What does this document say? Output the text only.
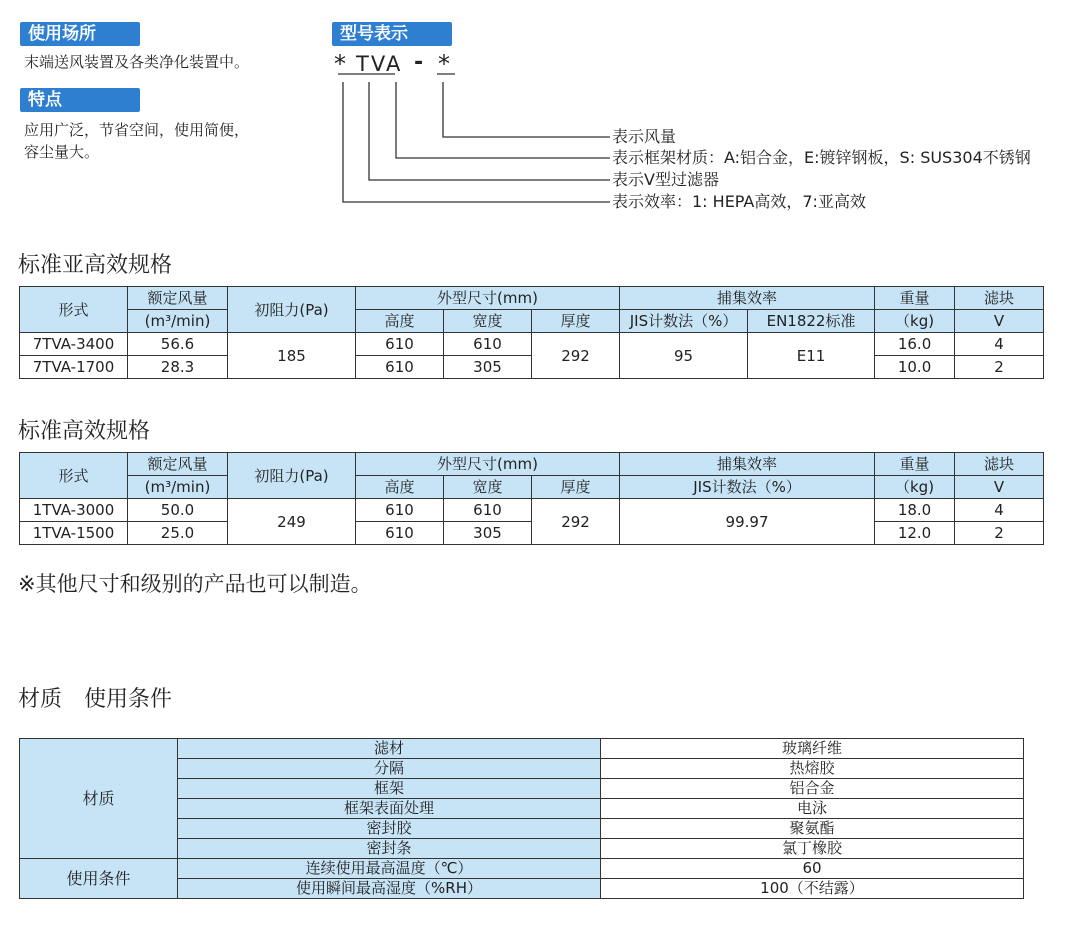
使用场所
末端送风装置及各类净化装置中。
特点
应用广泛，节省空间，使用简便，
容尘量大。
型号表示
* TV
A - *
表示风量
表示框架材质：A:铝合金，E:镀锌钢板，S: SUS304不锈钢
表示V型过滤器
表示效率：1: HEPA高效，7:亚高效
标准亚高效规格
形式	额定风量	初阻力(Pa)	外型尺寸(mm)			捕集效率		重量	滤块
	(m³/min)		高度	宽度	厚度	JIS计数法（%）	EN1822标准	（kg)	V
7TVA-3400	56.6	185	610	610	292	95	E11	16.0	4
7TVA-1700	28.3		610	305				10.0	2
标准高效规格
形式	额定风量	初阻力(Pa)	外型尺寸(mm)			捕集效率	重量	滤块
	(m³/min)		高度	宽度	厚度	JIS计数法（%）	（kg)	V
1TVA-3000	50.0	249	610	610	292	99.97	18.0	4
1TVA-1500	25.0		610	305			12.0	2
※其他尺寸和级别的产品也可以制造。
材质　使用条件
材质	滤材	玻璃纤维
	分隔	热熔胶
	框架	铝合金
	框架表面处理	电泳
	密封胶	聚氨酯
	密封条	氯丁橡胶
使用条件	连续使用最高温度（℃）	60
	使用瞬间最高湿度（%RH）	100（不结露）
